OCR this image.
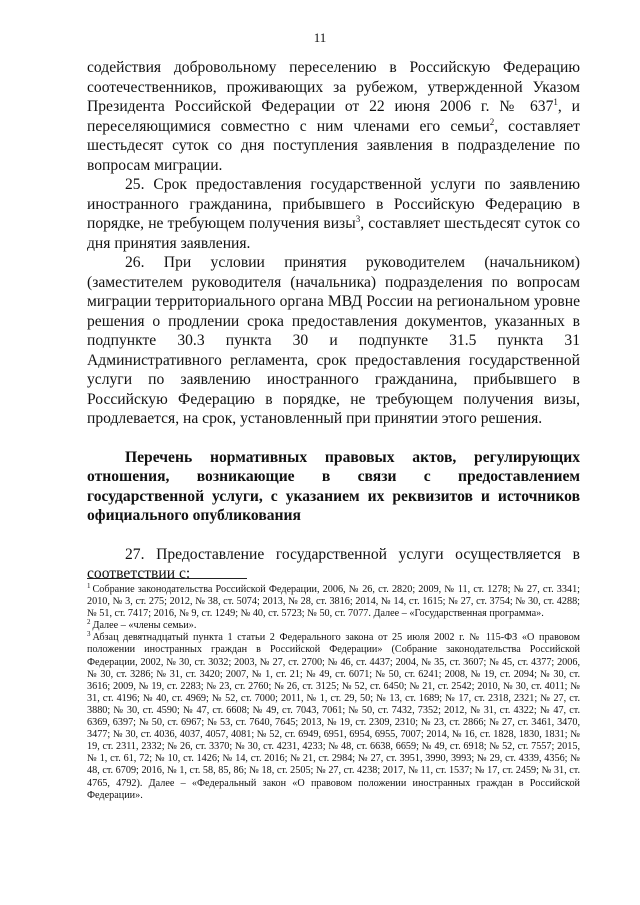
11

содействия добровольному переселению в Российскую Федерацию соотечественников, проживающих за рубежом, утвержденной Указом Президента Российской Федерации от 22 июня 2006 г. № $637^1$, и переселяющимися совместно с ним членами его семьи$^2$, составляет шестьдесят суток со дня поступления заявления в подразделение по вопросам миграции.

25. Срок предоставления государственной услуги по заявлению иностранного гражданина, прибывшего в Российскую Федерацию в порядке, не требующем получения визы$^3$, составляет шестьдесят суток со дня принятия заявления.

26. При условии принятия руководителем (начальником) (заместителем руководителя (начальника) подразделения по вопросам миграции территориального органа МВД России на региональном уровне решения о продлении срока предоставления документов, указанных в подпункте 30.3 пункта 30 и подпункте 31.5 пункта 31 Административного регламента, срок предоставления государственной услуги по заявлению иностранного гражданина, прибывшего в Российскую Федерацию в порядке, не требующем получения визы, продлевается, на срок, установленный при принятии этого решения.

Перечень нормативных правовых актов, регулирующих отношения, возникающие в связи с предоставлением государственной услуги, с указанием их реквизитов и источников официального опубликования

27. Предоставление государственной услуги осуществляется в соответствии с:

$^1$ Собрание законодательства Российской Федерации, 2006, № 26, ст. 2820; 2009, № 11, ст. 1278; № 27, ст. 3341; 2010, № 3, ст. 275; 2012, № 38, ст. 5074; 2013, № 28, ст. 3816; 2014, № 14, ст. 1615; № 27, ст. 3754; № 30, ст. 4288; № 51, ст. 7417; 2016, № 9, ст. 1249; № 40, ст. 5723; № 50, ст. 7077. Далее – «Государственная программа».

$^2$ Далее – «члены семьи».

$^3$ Абзац девятнадцатый пункта 1 статьи 2 Федерального закона от 25 июля 2002 г. № 115-ФЗ «О правовом положении иностранных граждан в Российской Федерации» (Собрание законодательства Российской Федерации, 2002, № 30, ст. 3032; 2003, № 27, ст. 2700; № 46, ст. 4437; 2004, № 35, ст. 3607; № 45, ст. 4377; 2006, № 30, ст. 3286; № 31, ст. 3420; 2007, № 1, ст. 21; № 49, ст. 6071; № 50, ст. 6241; 2008, № 19, ст. 2094; № 30, ст. 3616; 2009, № 19, ст. 2283; № 23, ст. 2760; № 26, ст. 3125; № 52, ст. 6450; № 21, ст. 2542; 2010, № 30, ст. 4011; № 31, ст. 4196; № 40, ст. 4969; № 52, ст. 7000; 2011, № 1, ст. 29, 50; № 13, ст. 1689; № 17, ст. 2318, 2321; № 27, ст. 3880; № 30, ст. 4590; № 47, ст. 6608; № 49, ст. 7043, 7061; № 50, ст. 7432, 7352; 2012, № 31, ст. 4322; № 47, ст. 6369, 6397; № 50, ст. 6967; № 53, ст. 7640, 7645; 2013, № 19, ст. 2309, 2310; № 23, ст. 2866; № 27, ст. 3461, 3470, 3477; № 30, ст. 4036, 4037, 4057, 4081; № 52, ст. 6949, 6951, 6954, 6955, 7007; 2014, № 16, ст. 1828, 1830, 1831; № 19, ст. 2311, 2332; № 26, ст. 3370; № 30, ст. 4231, 4233; № 48, ст. 6638, 6659; № 49, ст. 6918; № 52, ст. 7557; 2015, № 1, ст. 61, 72; № 10, ст. 1426; № 14, ст. 2016; № 21, ст. 2984; № 27, ст. 3951, 3990, 3993; № 29, ст. 4339, 4356; № 48, ст. 6709; 2016, № 1, ст. 58, 85, 86; № 18, ст. 2505; № 27, ст. 4238; 2017, № 11, ст. 1537; № 17, ст. 2459; № 31, ст. 4765, 4792). Далее – «Федеральный закон «О правовом положении иностранных граждан в Российской Федерации».
